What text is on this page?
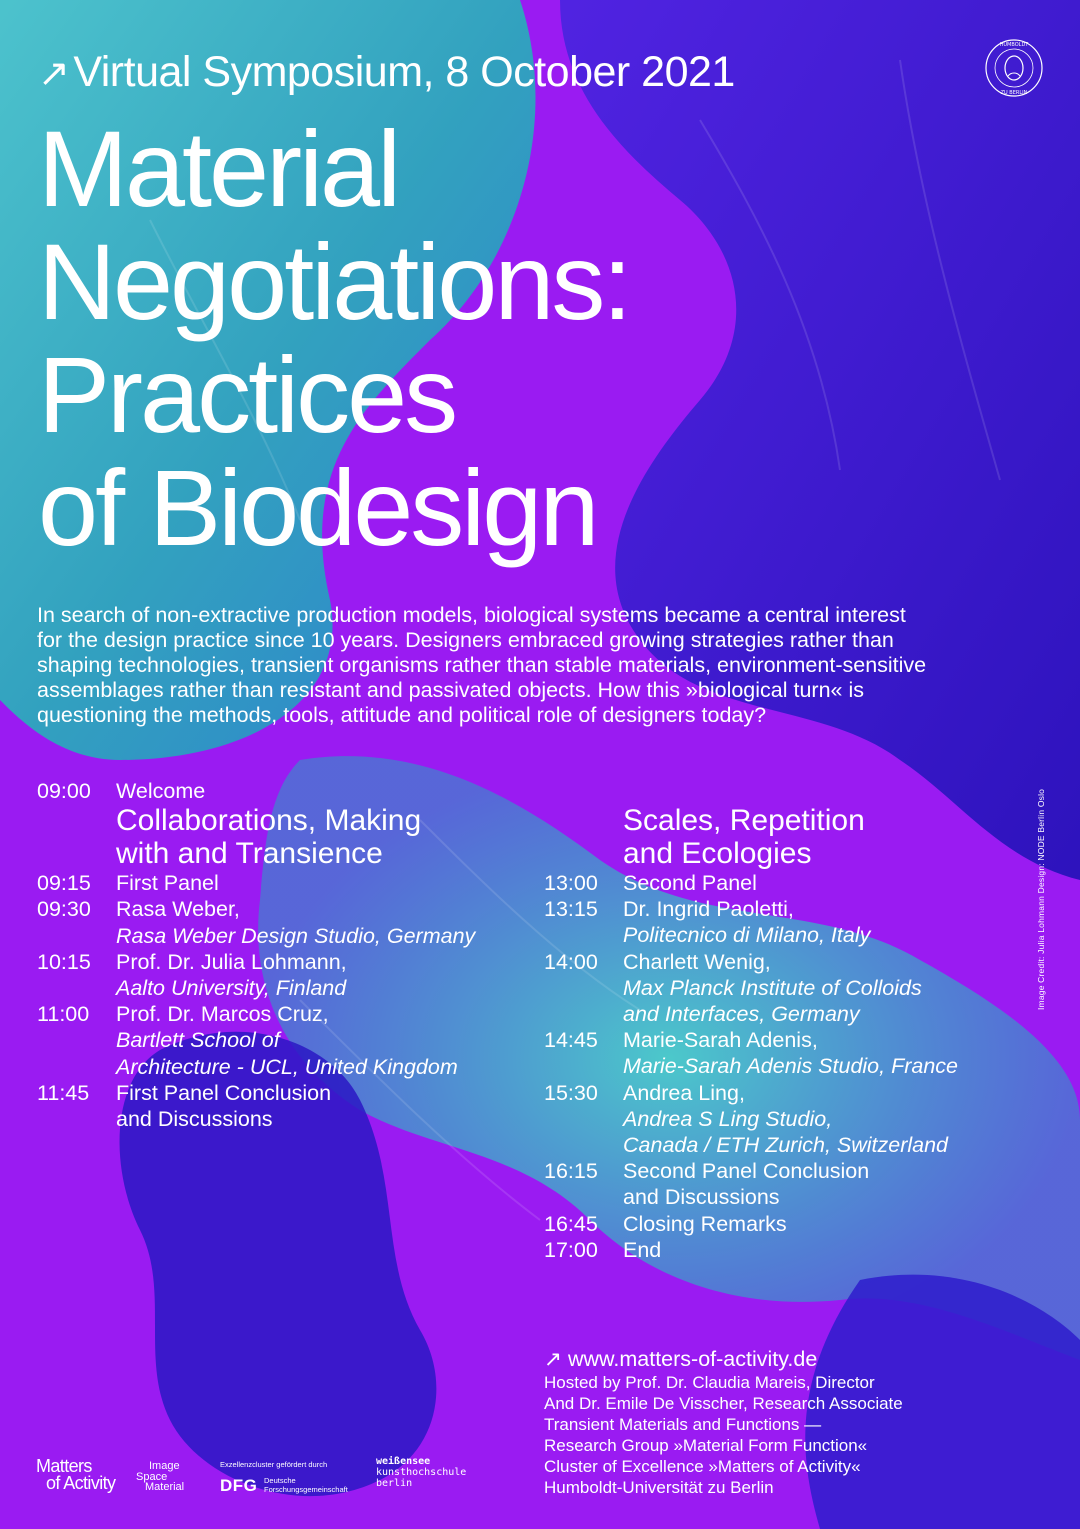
↗Virtual Symposium, 8 October 2021
HUMBOLDT
ZU BERLIN
Material
Negotiations:
Practices
of Biodesign
In search of non-extractive production models, biological systems became a central interest
for the design practice since 10 years. Designers embraced growing strategies rather than
shaping technologies, transient organisms rather than stable materials, environment-sensitive
assemblages rather than resistant and passivated objects. How this »biological turn« is
questioning the methods, tools, attitude and political role of designers today?
09:00	Welcome
Collaborations, Making
with and Transience
09:15	First Panel
09:30	Rasa Weber,
Rasa Weber Design Studio, Germany
10:15	Prof. Dr. Julia Lohmann,
Aalto University, Finland
11:00	Prof. Dr. Marcos Cruz,
Bartlett School of
Architecture - UCL, United Kingdom
11:45	First Panel Conclusion
and Discussions
Scales, Repetition
and Ecologies
13:00	Second Panel
13:15	Dr. Ingrid Paoletti,
Politecnico di Milano, Italy
14:00	Charlett Wenig,
Max Planck Institute of Colloids
and Interfaces, Germany
14:45	Marie-Sarah Adenis,
Marie-Sarah Adenis Studio, France
15:30	Andrea Ling,
Andrea S Ling Studio,
Canada / ETH Zurich, Switzerland
16:15	Second Panel Conclusion
and Discussions
16:45	Closing Remarks
17:00	End
Image Credit: Julia Lohmann Design: NODE Berlin Oslo
↗ www.matters-of-activity.de
Hosted by Prof. Dr. Claudia Mareis, Director
And Dr. Emile De Visscher, Research Associate
Transient Materials and Functions —
Research Group »Material Form Function«
Cluster of Excellence »Matters of Activity«
Humboldt-Universität zu Berlin
Matters
of Activity
Image
Space
Material
Exzellenzcluster gefördert durch
DFG Deutsche
Forschungsgemeinschaft
weißensee
kunsthochschule
berlin
